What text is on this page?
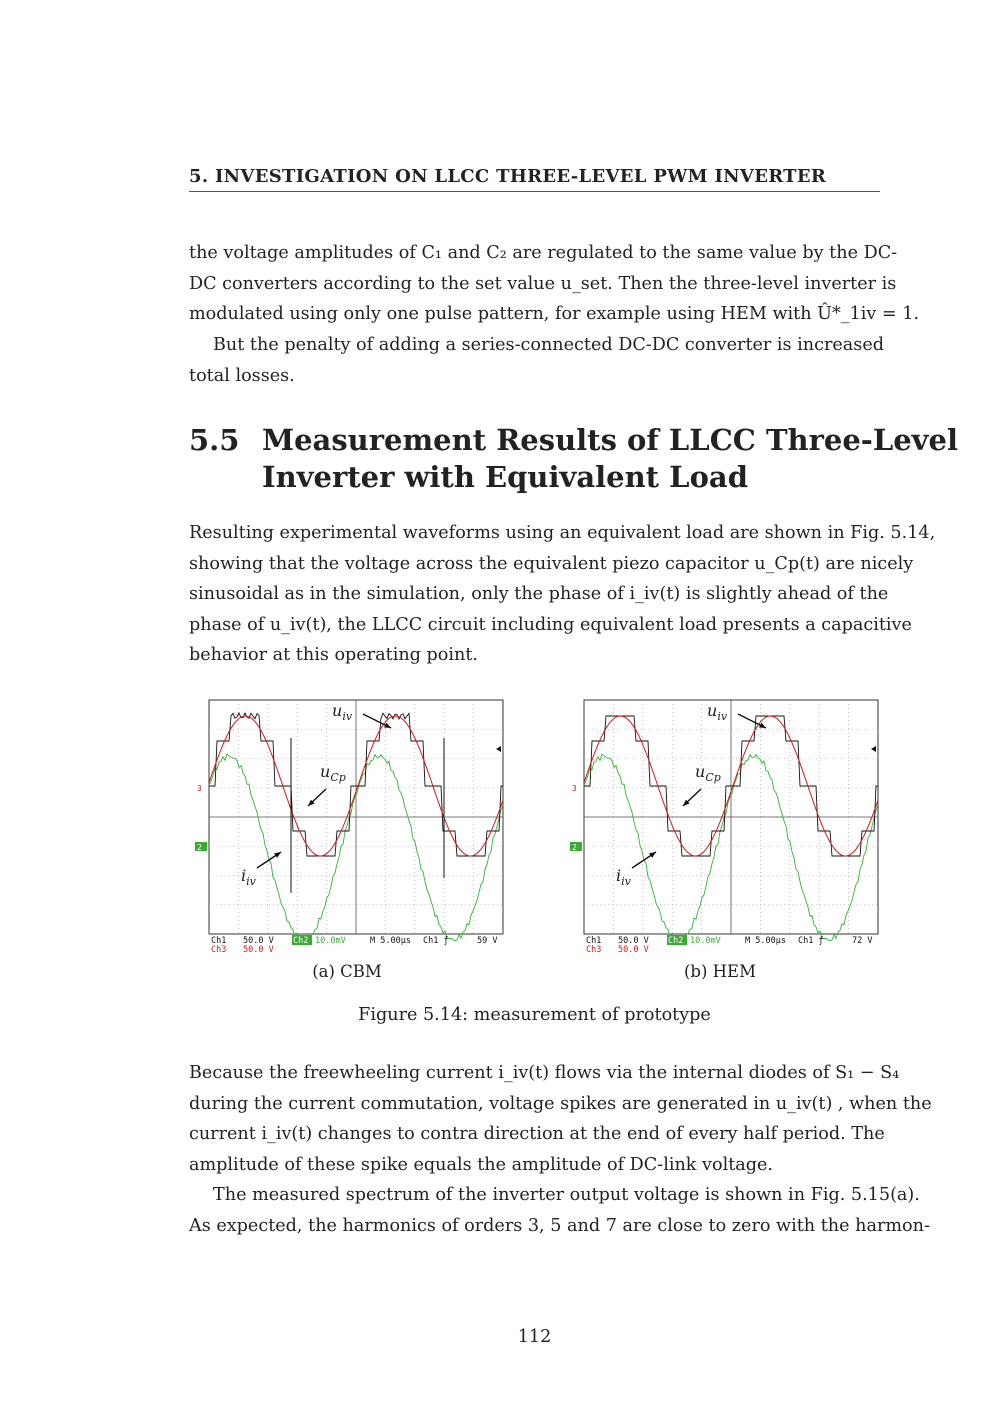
5. INVESTIGATION ON LLCC THREE-LEVEL PWM INVERTER
the voltage amplitudes of C₁ and C₂ are regulated to the same value by the DC-
DC converters according to the set value u_set. Then the three-level inverter is
modulated using only one pulse pattern, for example using HEM with Û*_1iv = 1.
But the penalty of adding a series-connected DC-DC converter is increased
total losses.
5.5 Measurement Results of LLCC Three-Level
Inverter with Equivalent Load
Resulting experimental waveforms using an equivalent load are shown in Fig. 5.14,
showing that the voltage across the equivalent piezo capacitor u_Cp(t) are nicely
sinusoidal as in the simulation, only the phase of i_iv(t) is slightly ahead of the
phase of u_iv(t), the LLCC circuit including equivalent load presents a capacitive
behavior at this operating point.
3
2
$u_{iv}$
$u_{Cp}$
$i_{iv}$
Ch1 50.0 V
Ch3 50.0 V
Ch2 10.0mV	M 5.00µs Ch1 ƒ	59 V
(a) CBM
3
2
$u_{iv}$
$u_{Cp}$
$i_{iv}$
Ch1 50.0 V
Ch3 50.0 V
Ch2 10.0mV	M 5.00µs Ch1 ƒ	72 V
(b) HEM
Figure 5.14: measurement of prototype
Because the freewheeling current i_iv(t) flows via the internal diodes of S₁ − S₄
during the current commutation, voltage spikes are generated in u_iv(t) , when the
current i_iv(t) changes to contra direction at the end of every half period. The
amplitude of these spike equals the amplitude of DC-link voltage.
The measured spectrum of the inverter output voltage is shown in Fig. 5.15(a).
As expected, the harmonics of orders 3, 5 and 7 are close to zero with the harmon-
112
